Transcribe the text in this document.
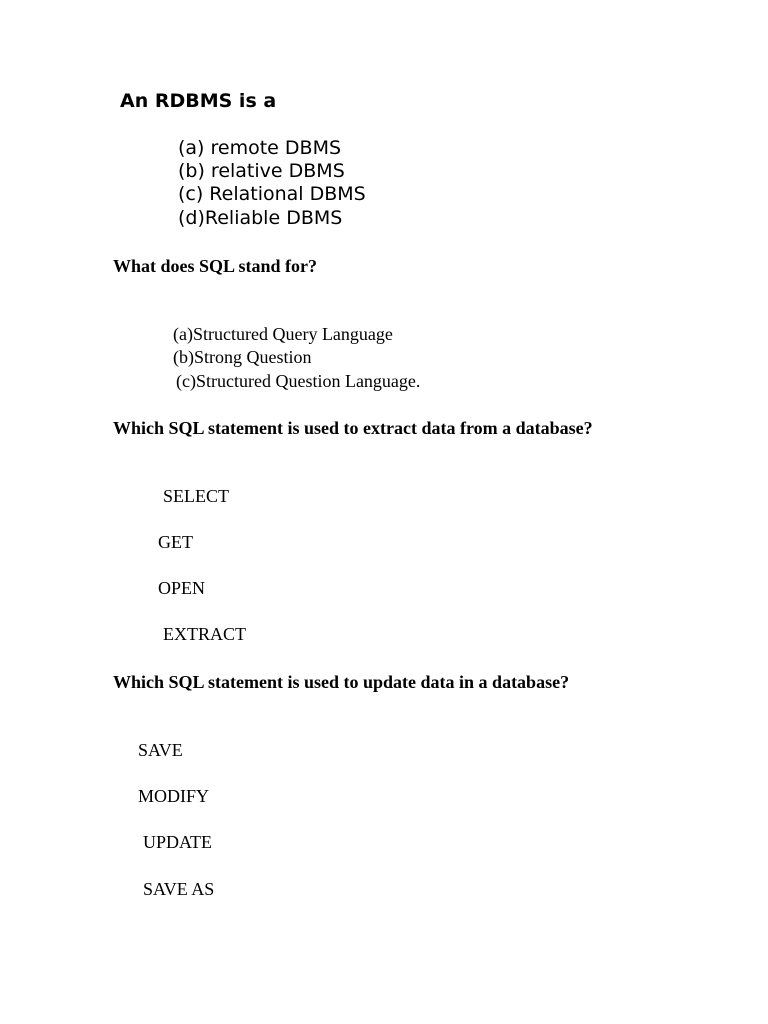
An RDBMS is a
(a) remote DBMS
(b) relative DBMS
(c) Relational DBMS
(d)Reliable DBMS
What does SQL stand for?
(a)Structured Query Language
(b)Strong Question
(c)Structured Question Language.
Which SQL statement is used to extract data from a database?
SELECT
GET
OPEN
EXTRACT
Which SQL statement is used to update data in a database?
SAVE
MODIFY
UPDATE
SAVE AS
